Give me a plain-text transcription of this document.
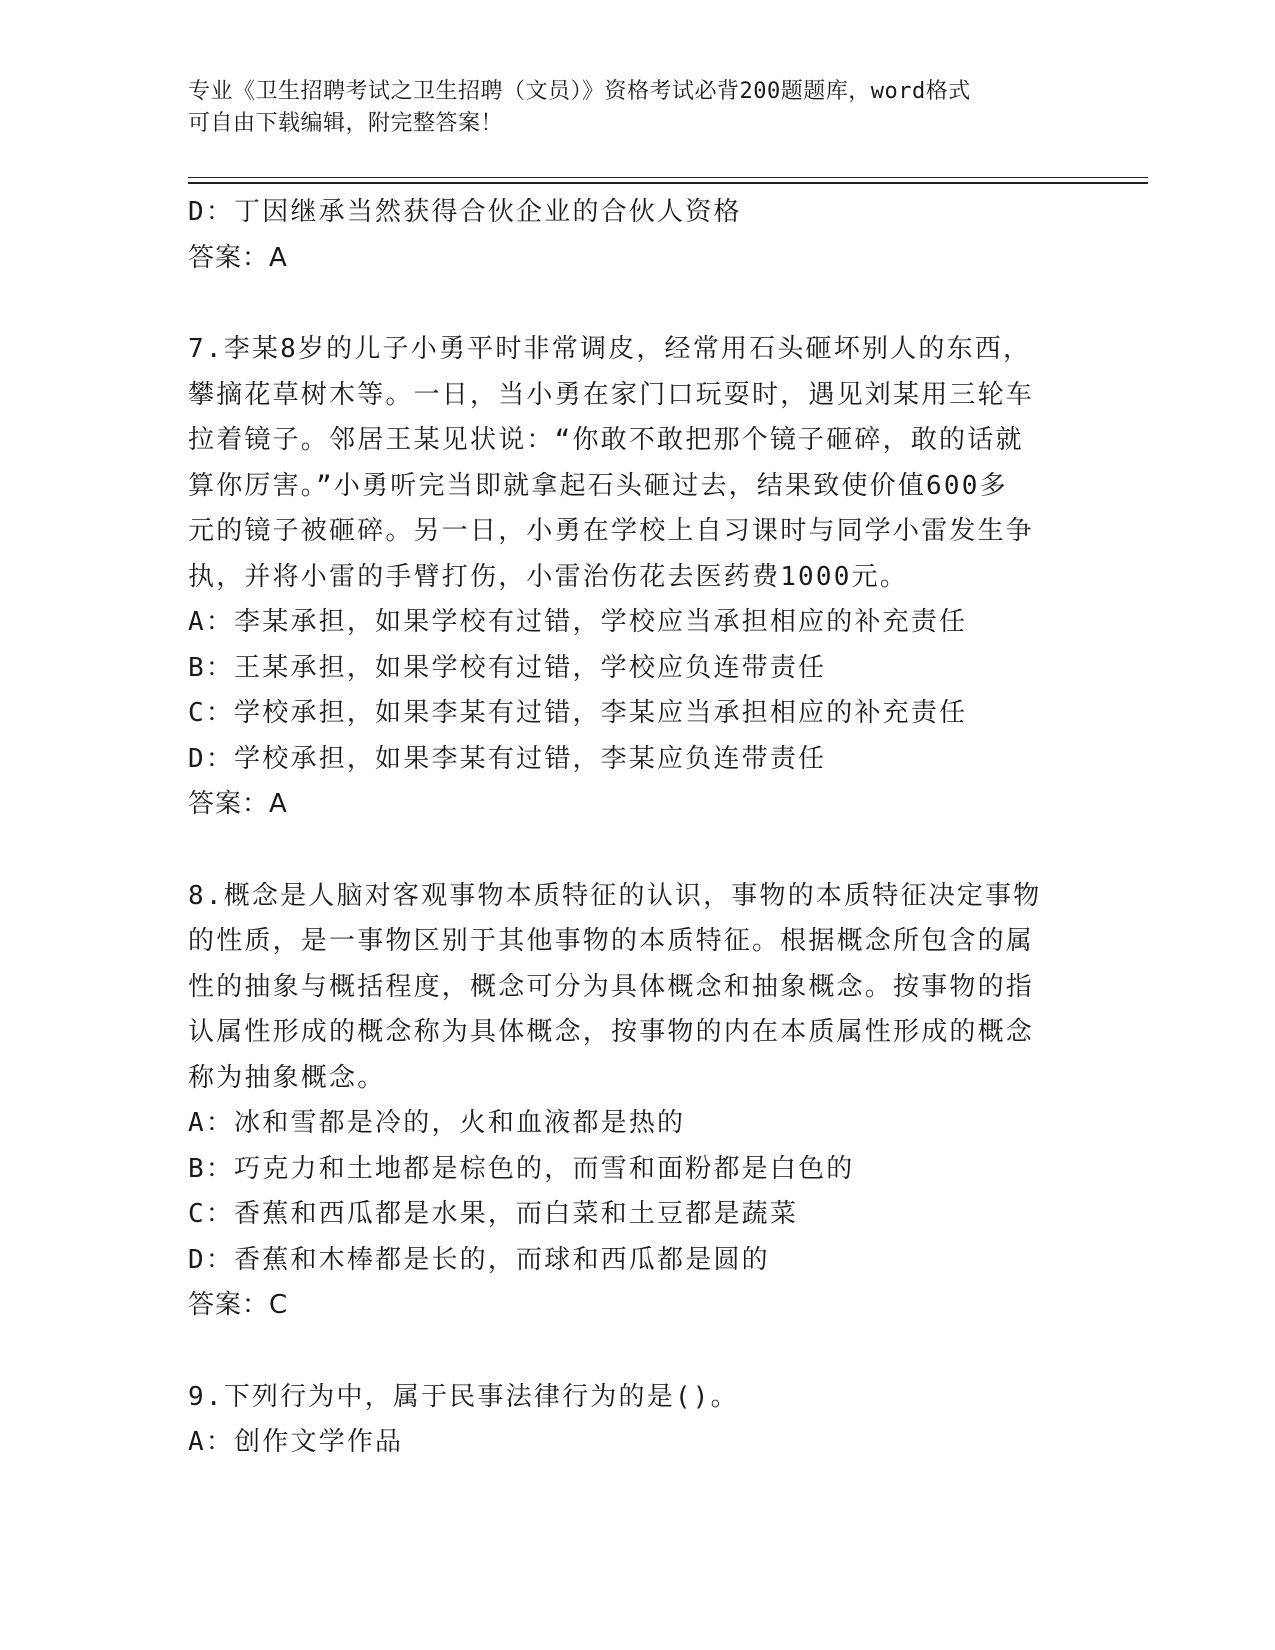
专业《卫生招聘考试之卫生招聘（文员）》资格考试必背200题题库，word格式
可自由下载编辑，附完整答案！
D：丁因继承当然获得合伙企业的合伙人资格
答案：A
7.李某8岁的儿子小勇平时非常调皮，经常用石头砸坏别人的东西，
攀摘花草树木等。一日，当小勇在家门口玩耍时，遇见刘某用三轮车
拉着镜子。邻居王某见状说：“你敢不敢把那个镜子砸碎，敢的话就
算你厉害。”小勇听完当即就拿起石头砸过去，结果致使价值600多
元的镜子被砸碎。另一日，小勇在学校上自习课时与同学小雷发生争
执，并将小雷的手臂打伤，小雷治伤花去医药费1000元。
A：李某承担，如果学校有过错，学校应当承担相应的补充责任
B：王某承担，如果学校有过错，学校应负连带责任
C：学校承担，如果李某有过错，李某应当承担相应的补充责任
D：学校承担，如果李某有过错，李某应负连带责任
答案：A
8.概念是人脑对客观事物本质特征的认识，事物的本质特征决定事物
的性质，是一事物区别于其他事物的本质特征。根据概念所包含的属
性的抽象与概括程度，概念可分为具体概念和抽象概念。按事物的指
认属性形成的概念称为具体概念，按事物的内在本质属性形成的概念
称为抽象概念。
A：冰和雪都是冷的，火和血液都是热的
B：巧克力和土地都是棕色的，而雪和面粉都是白色的
C：香蕉和西瓜都是水果，而白菜和土豆都是蔬菜
D：香蕉和木棒都是长的，而球和西瓜都是圆的
答案：C
9.下列行为中，属于民事法律行为的是()。
A：创作文学作品
